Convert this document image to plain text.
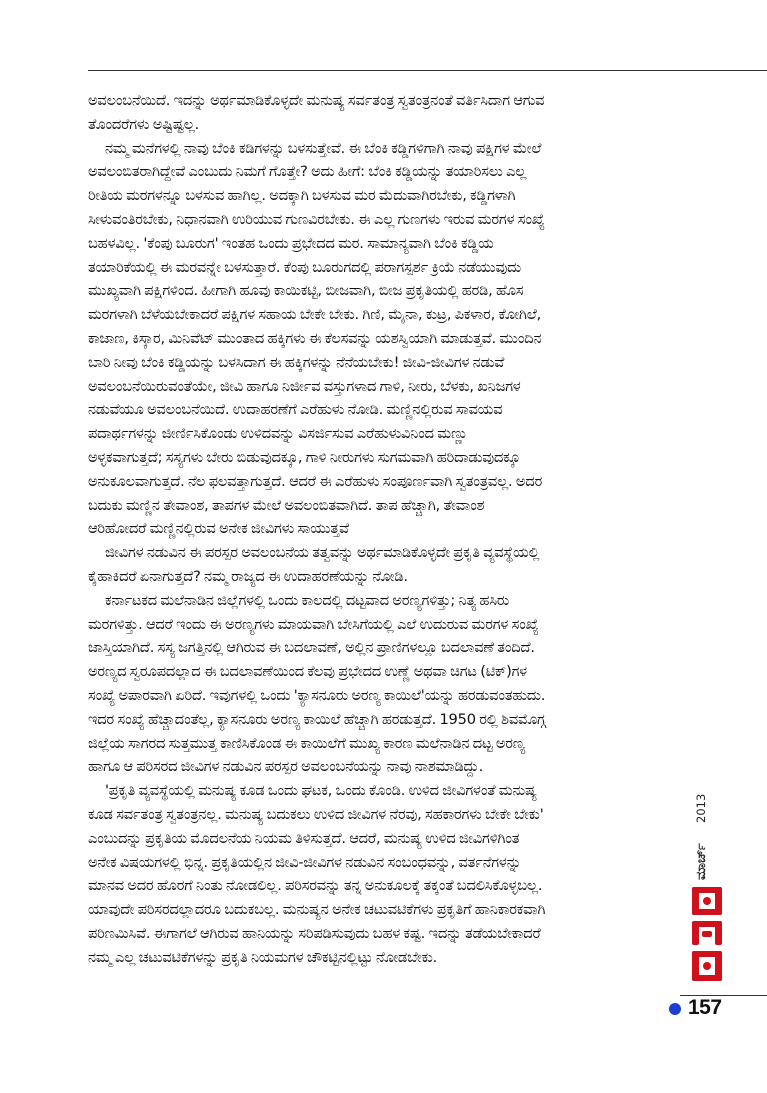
ಅವಲಂಬನೆಯಿದೆ. ಇದನ್ನು ಅರ್ಥಮಾಡಿಕೊಳ್ಳದೇ ಮನುಷ್ಯ ಸರ್ವತಂತ್ರ ಸ್ವತಂತ್ರನಂತೆ ವರ್ತಿಸಿದಾಗ ಆಗುವ
ತೊಂದರೆಗಳು ಅಷ್ಟಿಷ್ಟಲ್ಲ.

ನಮ್ಮ ಮನೆಗಳಲ್ಲಿ ನಾವು ಬೆಂಕಿ ಕಡಿಗಳನ್ನು ಬಳಸುತ್ತೇವೆ. ಈ ಬೆಂಕಿ ಕಡ್ಡಿಗಳಿಗಾಗಿ ನಾವು ಪಕ್ಷಿಗಳ ಮೇಲೆ
ಅವಲಂಬಿತರಾಗಿದ್ದೇವೆ ಎಂಬುದು ನಿಮಗೆ ಗೊತ್ತೇ? ಅದು ಹೀಗೆ: ಬೆಂಕಿ ಕಡ್ಡಿಯನ್ನು ತಯಾರಿಸಲು ಎಲ್ಲ
ರೀತಿಯ ಮರಗಳನ್ನೂ ಬಳಸುವ ಹಾಗಿಲ್ಲ. ಅದಕ್ಕಾಗಿ ಬಳಸುವ ಮರ ಮೆದುವಾಗಿರಬೇಕು, ಕಡ್ಡಿಗಳಾಗಿ
ಸೀಳುವಂತಿರಬೇಕು, ನಿಧಾನವಾಗಿ ಉರಿಯುವ ಗುಣವಿರಬೇಕು. ಈ ಎಲ್ಲ ಗುಣಗಳು ಇರುವ ಮರಗಳ ಸಂಖ್ಯೆ
ಬಹಳವಿಲ್ಲ. 'ಕೆಂಪು ಬೂರುಗ' ಇಂತಹ ಒಂದು ಪ್ರಭೇದದ ಮರ. ಸಾಮಾನ್ಯವಾಗಿ ಬೆಂಕಿ ಕಡ್ಡಿಯ
ತಯಾರಿಕೆಯಲ್ಲಿ ಈ ಮರವನ್ನೇ ಬಳಸುತ್ತಾರೆ. ಕೆಂಪು ಬೂರುಗದಲ್ಲಿ ಪರಾಗಸ್ಪರ್ಶ ಕ್ರಿಯೆ ನಡೆಯುವುದು
ಮುಖ್ಯವಾಗಿ ಪಕ್ಷಿಗಳಿಂದ. ಹೀಗಾಗಿ ಹೂವು ಕಾಯಿಕಟ್ಟಿ, ಬೀಜವಾಗಿ, ಬೀಜ ಪ್ರಕೃತಿಯಲ್ಲಿ ಹರಡಿ, ಹೊಸ
ಮರಗಳಾಗಿ ಬೆಳೆಯಬೇಕಾದರೆ ಪಕ್ಷಿಗಳ ಸಹಾಯ ಬೇಕೇ ಬೇಕು. ಗಿಣಿ, ಮೈನಾ, ಕುಟ್ರ, ಪಿಕಳಾರ, ಕೋಗಿಲೆ,
ಕಾಜಾಣ, ಕಿಸ್ಕಾರ, ಮಿನಿವೆಟ್ ಮುಂತಾದ ಹಕ್ಕಿಗಳು ಈ ಕೆಲಸವನ್ನು ಯಶಸ್ವಿಯಾಗಿ ಮಾಡುತ್ತವೆ. ಮುಂದಿನ
ಬಾರಿ ನೀವು ಬೆಂಕಿ ಕಡ್ಡಿಯನ್ನು ಬಳಸಿದಾಗ ಈ ಹಕ್ಕಿಗಳನ್ನು ನೆನೆಯಬೇಕು! ಜೀವಿ-ಜೀವಿಗಳ ನಡುವೆ
ಅವಲಂಬನೆಯಿರುವಂತೆಯೇ, ಜೀವಿ ಹಾಗೂ ನಿರ್ಜೀವ ವಸ್ತುಗಳಾದ ಗಾಳಿ, ನೀರು, ಬೆಳಕು, ಖನಿಜಗಳ
ನಡುವೆಯೂ ಅವಲಂಬನೆಯಿದೆ. ಉದಾಹರಣೆಗೆ ಎರೆಹುಳು ನೋಡಿ. ಮಣ್ಣಿನಲ್ಲಿರುವ ಸಾವಯವ
ಪದಾರ್ಥಗಳನ್ನು ಜೀರ್ಣಿಸಿಕೊಂಡು ಉಳಿದವನ್ನು ವಿಸರ್ಜಿಸುವ ಎರೆಹುಳುವಿನಿಂದ ಮಣ್ಣು
ಅಳ್ಳಕವಾಗುತ್ತದೆ; ಸಸ್ಯಗಳು ಬೇರು ಬಿಡುವುದಕ್ಕೂ, ಗಾಳಿ ನೀರುಗಳು ಸುಗಮವಾಗಿ ಹರಿದಾಡುವುದಕ್ಕೂ
ಅನುಕೂಲವಾಗುತ್ತದೆ. ನೆಲ ಫಲವತ್ತಾಗುತ್ತದೆ. ಆದರೆ ಈ ಎರೆಹುಳು ಸಂಪೂರ್ಣವಾಗಿ ಸ್ವತಂತ್ರವಲ್ಲ. ಅದರ
ಬದುಕು ಮಣ್ಣಿನ ತೇವಾಂಶ, ತಾಪಗಳ ಮೇಲೆ ಅವಲಂಬಿತವಾಗಿದೆ. ತಾಪ ಹೆಚ್ಚಾಗಿ, ತೇವಾಂಶ
ಆರಿಹೋದರೆ ಮಣ್ಣಿನಲ್ಲಿರುವ ಅನೇಕ ಜೀವಿಗಳು ಸಾಯುತ್ತವೆ

ಜೀವಿಗಳ ನಡುವಿನ ಈ ಪರಸ್ಪರ ಅವಲಂಬನೆಯ ತತ್ವವನ್ನು ಅರ್ಥಮಾಡಿಕೊಳ್ಳದೇ ಪ್ರಕೃತಿ ವ್ಯವಸ್ಥೆಯಲ್ಲಿ
ಕೈಹಾಕಿದರೆ ಏನಾಗುತ್ತದೆ? ನಮ್ಮ ರಾಜ್ಯದ ಈ ಉದಾಹರಣೆಯನ್ನು ನೋಡಿ.

ಕರ್ನಾಟಕದ ಮಲೆನಾಡಿನ ಜಿಲ್ಲೆಗಳಲ್ಲಿ ಒಂದು ಕಾಲದಲ್ಲಿ ದಟ್ಟವಾದ ಅರಣ್ಯಗಳಿತ್ತು; ನಿತ್ಯ ಹಸಿರು
ಮರಗಳಿತ್ತು. ಆದರೆ ಇಂದು ಈ ಅರಣ್ಯಗಳು ಮಾಯವಾಗಿ ಬೇಸಿಗೆಯಲ್ಲಿ ಎಲೆ ಉದುರುವ ಮರಗಳ ಸಂಖ್ಯೆ
ಜಾಸ್ತಿಯಾಗಿದೆ. ಸಸ್ಯ ಜಗತ್ತಿನಲ್ಲಿ ಆಗಿರುವ ಈ ಬದಲಾವಣೆ, ಅಲ್ಲಿನ ಪ್ರಾಣಿಗಳಲ್ಲೂ ಬದಲಾವಣೆ ತಂದಿದೆ.
ಅರಣ್ಯದ ಸ್ವರೂಪದಲ್ಲಾದ ಈ ಬದಲಾವಣೆಯಿಂದ ಕೆಲವು ಪ್ರಭೇದದ ಉಣ್ಣೆ ಅಥವಾ ಚಿಗಟ (ಟಿಕ್)ಗಳ
ಸಂಖ್ಯೆ ಅಪಾರವಾಗಿ ಏರಿದೆ. ಇವುಗಳಲ್ಲಿ ಒಂದು 'ಕ್ಯಾಸನೂರು ಅರಣ್ಯ ಕಾಯಿಲೆ'ಯನ್ನು ಹರಡುವಂತಹುದು.
ಇದರ ಸಂಖ್ಯೆ ಹೆಚ್ಚಾದಂತೆಲ್ಲ, ಕ್ಯಾಸನೂರು ಅರಣ್ಯ ಕಾಯಿಲೆ ಹೆಚ್ಚಾಗಿ ಹರಡುತ್ತದೆ. 1950 ರಲ್ಲಿ ಶಿವಮೊಗ್ಗ
ಜಿಲ್ಲೆಯ ಸಾಗರದ ಸುತ್ತಮುತ್ತ ಕಾಣಿಸಿಕೊಂಡ ಈ ಕಾಯಿಲೆಗೆ ಮುಖ್ಯ ಕಾರಣ ಮಲೆನಾಡಿನ ದಟ್ಟ ಅರಣ್ಯ
ಹಾಗೂ ಆ ಪರಿಸರದ ಜೀವಿಗಳ ನಡುವಿನ ಪರಸ್ಪರ ಅವಲಂಬನೆಯನ್ನು ನಾವು ನಾಶಮಾಡಿದ್ದು.

'ಪ್ರಕೃತಿ ವ್ಯವಸ್ಥೆಯಲ್ಲಿ ಮನುಷ್ಯ ಕೂಡ ಒಂದು ಘಟಕ, ಒಂದು ಕೊಂಡಿ. ಉಳಿದ ಜೀವಿಗಳಂತೆ ಮನುಷ್ಯ
ಕೂಡ ಸರ್ವತಂತ್ರ ಸ್ವತಂತ್ರನಲ್ಲ. ಮನುಷ್ಯ ಬದುಕಲು ಉಳಿದ ಜೀವಿಗಳ ನೆರವು, ಸಹಕಾರಗಳು ಬೇಕೇ ಬೇಕು'
ಎಂಬುದನ್ನು ಪ್ರಕೃತಿಯ ಮೊದಲನೆಯ ನಿಯಮ ತಿಳಿಸುತ್ತದೆ. ಆದರೆ, ಮನುಷ್ಯ ಉಳಿದ ಜೀವಿಗಳಿಗಿಂತ
ಅನೇಕ ವಿಷಯಗಳಲ್ಲಿ ಭಿನ್ನ. ಪ್ರಕೃತಿಯಲ್ಲಿನ ಜೀವಿ-ಜೀವಿಗಳ ನಡುವಿನ ಸಂಬಂಧವನ್ನು, ವರ್ತನೆಗಳನ್ನು
ಮಾನವ ಅದರ ಹೊರಗೆ ನಿಂತು ನೋಡಲಿಲ್ಲ. ಪರಿಸರವನ್ನು ತನ್ನ ಅನುಕೂಲಕ್ಕೆ ತಕ್ಕಂತೆ ಬದಲಿಸಿಕೊಳ್ಳಬಲ್ಲ.
ಯಾವುದೇ ಪರಿಸರದಲ್ಲಾದರೂ ಬದುಕಬಲ್ಲ. ಮನುಷ್ಯನ ಅನೇಕ ಚಟುವಟಿಕೆಗಳು ಪ್ರಕೃತಿಗೆ ಹಾನಿಕಾರಕವಾಗಿ
ಪರಿಣಮಿಸಿವೆ. ಈಗಾಗಲೆ ಆಗಿರುವ ಹಾನಿಯನ್ನು ಸರಿಪಡಿಸುವುದು ಬಹಳ ಕಷ್ಟ. ಇದನ್ನು ತಡೆಯಬೇಕಾದರೆ
ನಮ್ಮ ಎಲ್ಲ ಚಟುವಟಿಕೆಗಳನ್ನು ಪ್ರಕೃತಿ ನಿಯಮಗಳ ಚೌಕಟ್ಟಿನಲ್ಲಿಟ್ಟು ನೋಡಬೇಕು.

2013
ಮಾರ್ಚ್
157
